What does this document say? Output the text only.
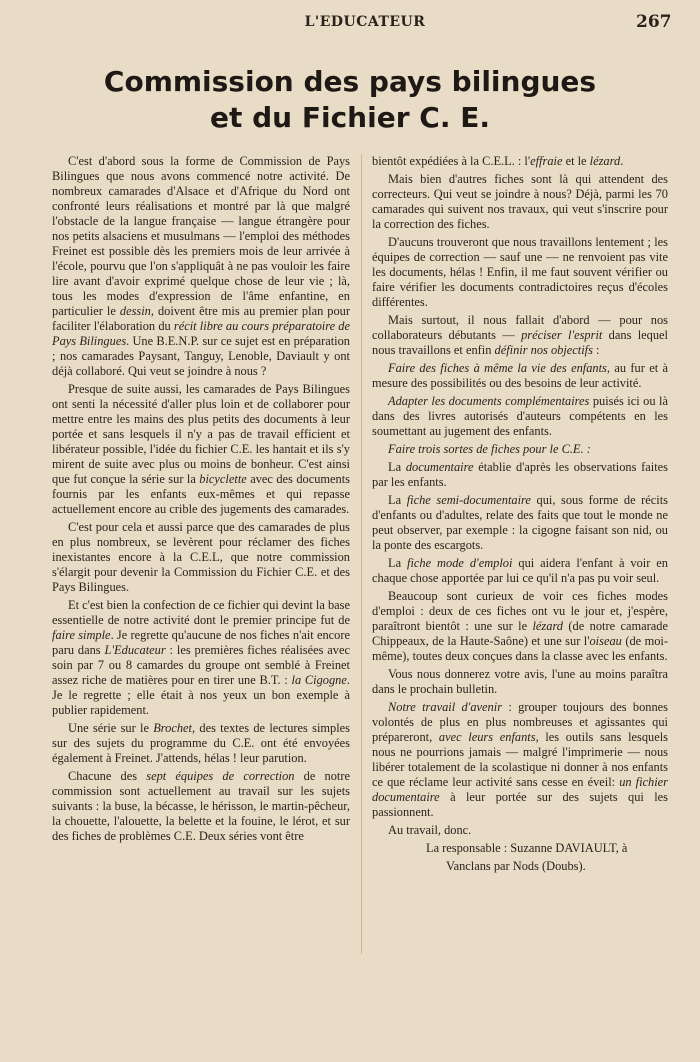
L'EDUCATEUR	267
Commission des pays bilingues
et du Fichier C. E.

C'est d'abord sous la forme de Commission de Pays Bilingues que nous avons commencé notre activité. De nombreux camarades d'Alsace et d'Afrique du Nord ont confronté leurs réalisations et montré par là que malgré l'obstacle de la langue française — langue étrangère pour nos petits alsaciens et musulmans — l'emploi des méthodes Freinet est possible dès les premiers mois de leur arrivée à l'école, pourvu que l'on s'appliquât à ne pas vouloir les faire lire avant d'avoir exprimé quelque chose de leur vie ; là, tous les modes d'expression de l'âme enfantine, en particulier le dessin, doivent être mis au premier plan pour faciliter l'élaboration du récit libre au cours préparatoire de Pays Bilingues. Une B.E.N.P. sur ce sujet est en préparation ; nos camarades Paysant, Tanguy, Lenoble, Daviault y ont déjà collaboré. Qui veut se joindre à nous ?

Presque de suite aussi, les camarades de Pays Bilingues ont senti la nécessité d'aller plus loin et de collaborer pour mettre entre les mains des plus petits des documents à leur portée et sans lesquels il n'y a pas de travail efficient et libérateur possible, l'idée du fichier C.E. les hantait et ils s'y mirent de suite avec plus ou moins de bonheur. C'est ainsi que fut conçue la série sur la bicyclette avec des documents fournis par les enfants eux-mêmes et qui repasse actuellement encore au crible des jugements des camarades.

C'est pour cela et aussi parce que des camarades de plus en plus nombreux, se levèrent pour réclamer des fiches inexistantes encore à la C.E.L, que notre commission s'élargit pour devenir la Commission du Fichier C.E. et des Pays Bilingues.

Et c'est bien la confection de ce fichier qui devint la base essentielle de notre activité dont le premier principe fut de faire simple. Je regrette qu'aucune de nos fiches n'ait encore paru dans L'Educateur : les premières fiches réalisées avec soin par 7 ou 8 camardes du groupe ont semblé à Freinet assez riche de matières pour en tirer une B.T. : la Cigogne. Je le regrette ; elle était à nos yeux un bon exemple à publier rapidement.

Une série sur le Brochet, des textes de lectures simples sur des sujets du programme du C.E. ont été envoyées également à Freinet. J'attends, hélas ! leur parution.

Chacune des sept équipes de correction de notre commission sont actuellement au travail sur les sujets suivants : la buse, la bécasse, le hérisson, le martin-pêcheur, la chouette, l'alouette, la belette et la fouine, le lérot, et sur des fiches de problèmes C.E. Deux séries vont être

bientôt expédiées à la C.E.L. : l'effraie et le lézard.

Mais bien d'autres fiches sont là qui attendent des correcteurs. Qui veut se joindre à nous? Déjà, parmi les 70 camarades qui suivent nos travaux, qui veut s'inscrire pour la correction des fiches.

D'aucuns trouveront que nous travaillons lentement ; les équipes de correction — sauf une — ne renvoient pas vite les documents, hélas ! Enfin, il me faut souvent vérifier ou faire vérifier les documents contradictoires reçus d'écoles différentes.

Mais surtout, il nous fallait d'abord — pour nos collaborateurs débutants — préciser l'esprit dans lequel nous travaillons et enfin définir nos objectifs :

Faire des fiches à même la vie des enfants, au fur et à mesure des possibilités ou des besoins de leur activité.

Adapter les documents complémentaires puisés ici ou là dans des livres autorisés d'auteurs compétents en les soumettant au jugement des enfants.

Faire trois sortes de fiches pour le C.E. :

La documentaire établie d'après les observations faites par les enfants.

La fiche semi-documentaire qui, sous forme de récits d'enfants ou d'adultes, relate des faits que tout le monde ne peut observer, par exemple : la cigogne faisant son nid, ou la ponte des escargots.

La fiche mode d'emploi qui aidera l'enfant à voir en chaque chose apportée par lui ce qu'il n'a pas pu voir seul.

Beaucoup sont curieux de voir ces fiches modes d'emploi : deux de ces fiches ont vu le jour et, j'espère, paraîtront bientôt : une sur le lézard (de notre camarade Chippeaux, de la Haute-Saône) et une sur l'oiseau (de moi-même), toutes deux conçues dans la classe avec les enfants.

Vous nous donnerez votre avis, l'une au moins paraîtra dans le prochain bulletin.

Notre travail d'avenir : grouper toujours des bonnes volontés de plus en plus nombreuses et agissantes qui prépareront, avec leurs enfants, les outils sans lesquels nous ne pourrions jamais — malgré l'imprimerie — nous libérer totalement de la scolastique ni donner à nos enfants ce que réclame leur activité sans cesse en éveil: un fichier documentaire à leur portée sur des sujets qui les passionnent.

Au travail, donc.

La responsable : Suzanne DAVIAULT, à

Vanclans par Nods (Doubs).
